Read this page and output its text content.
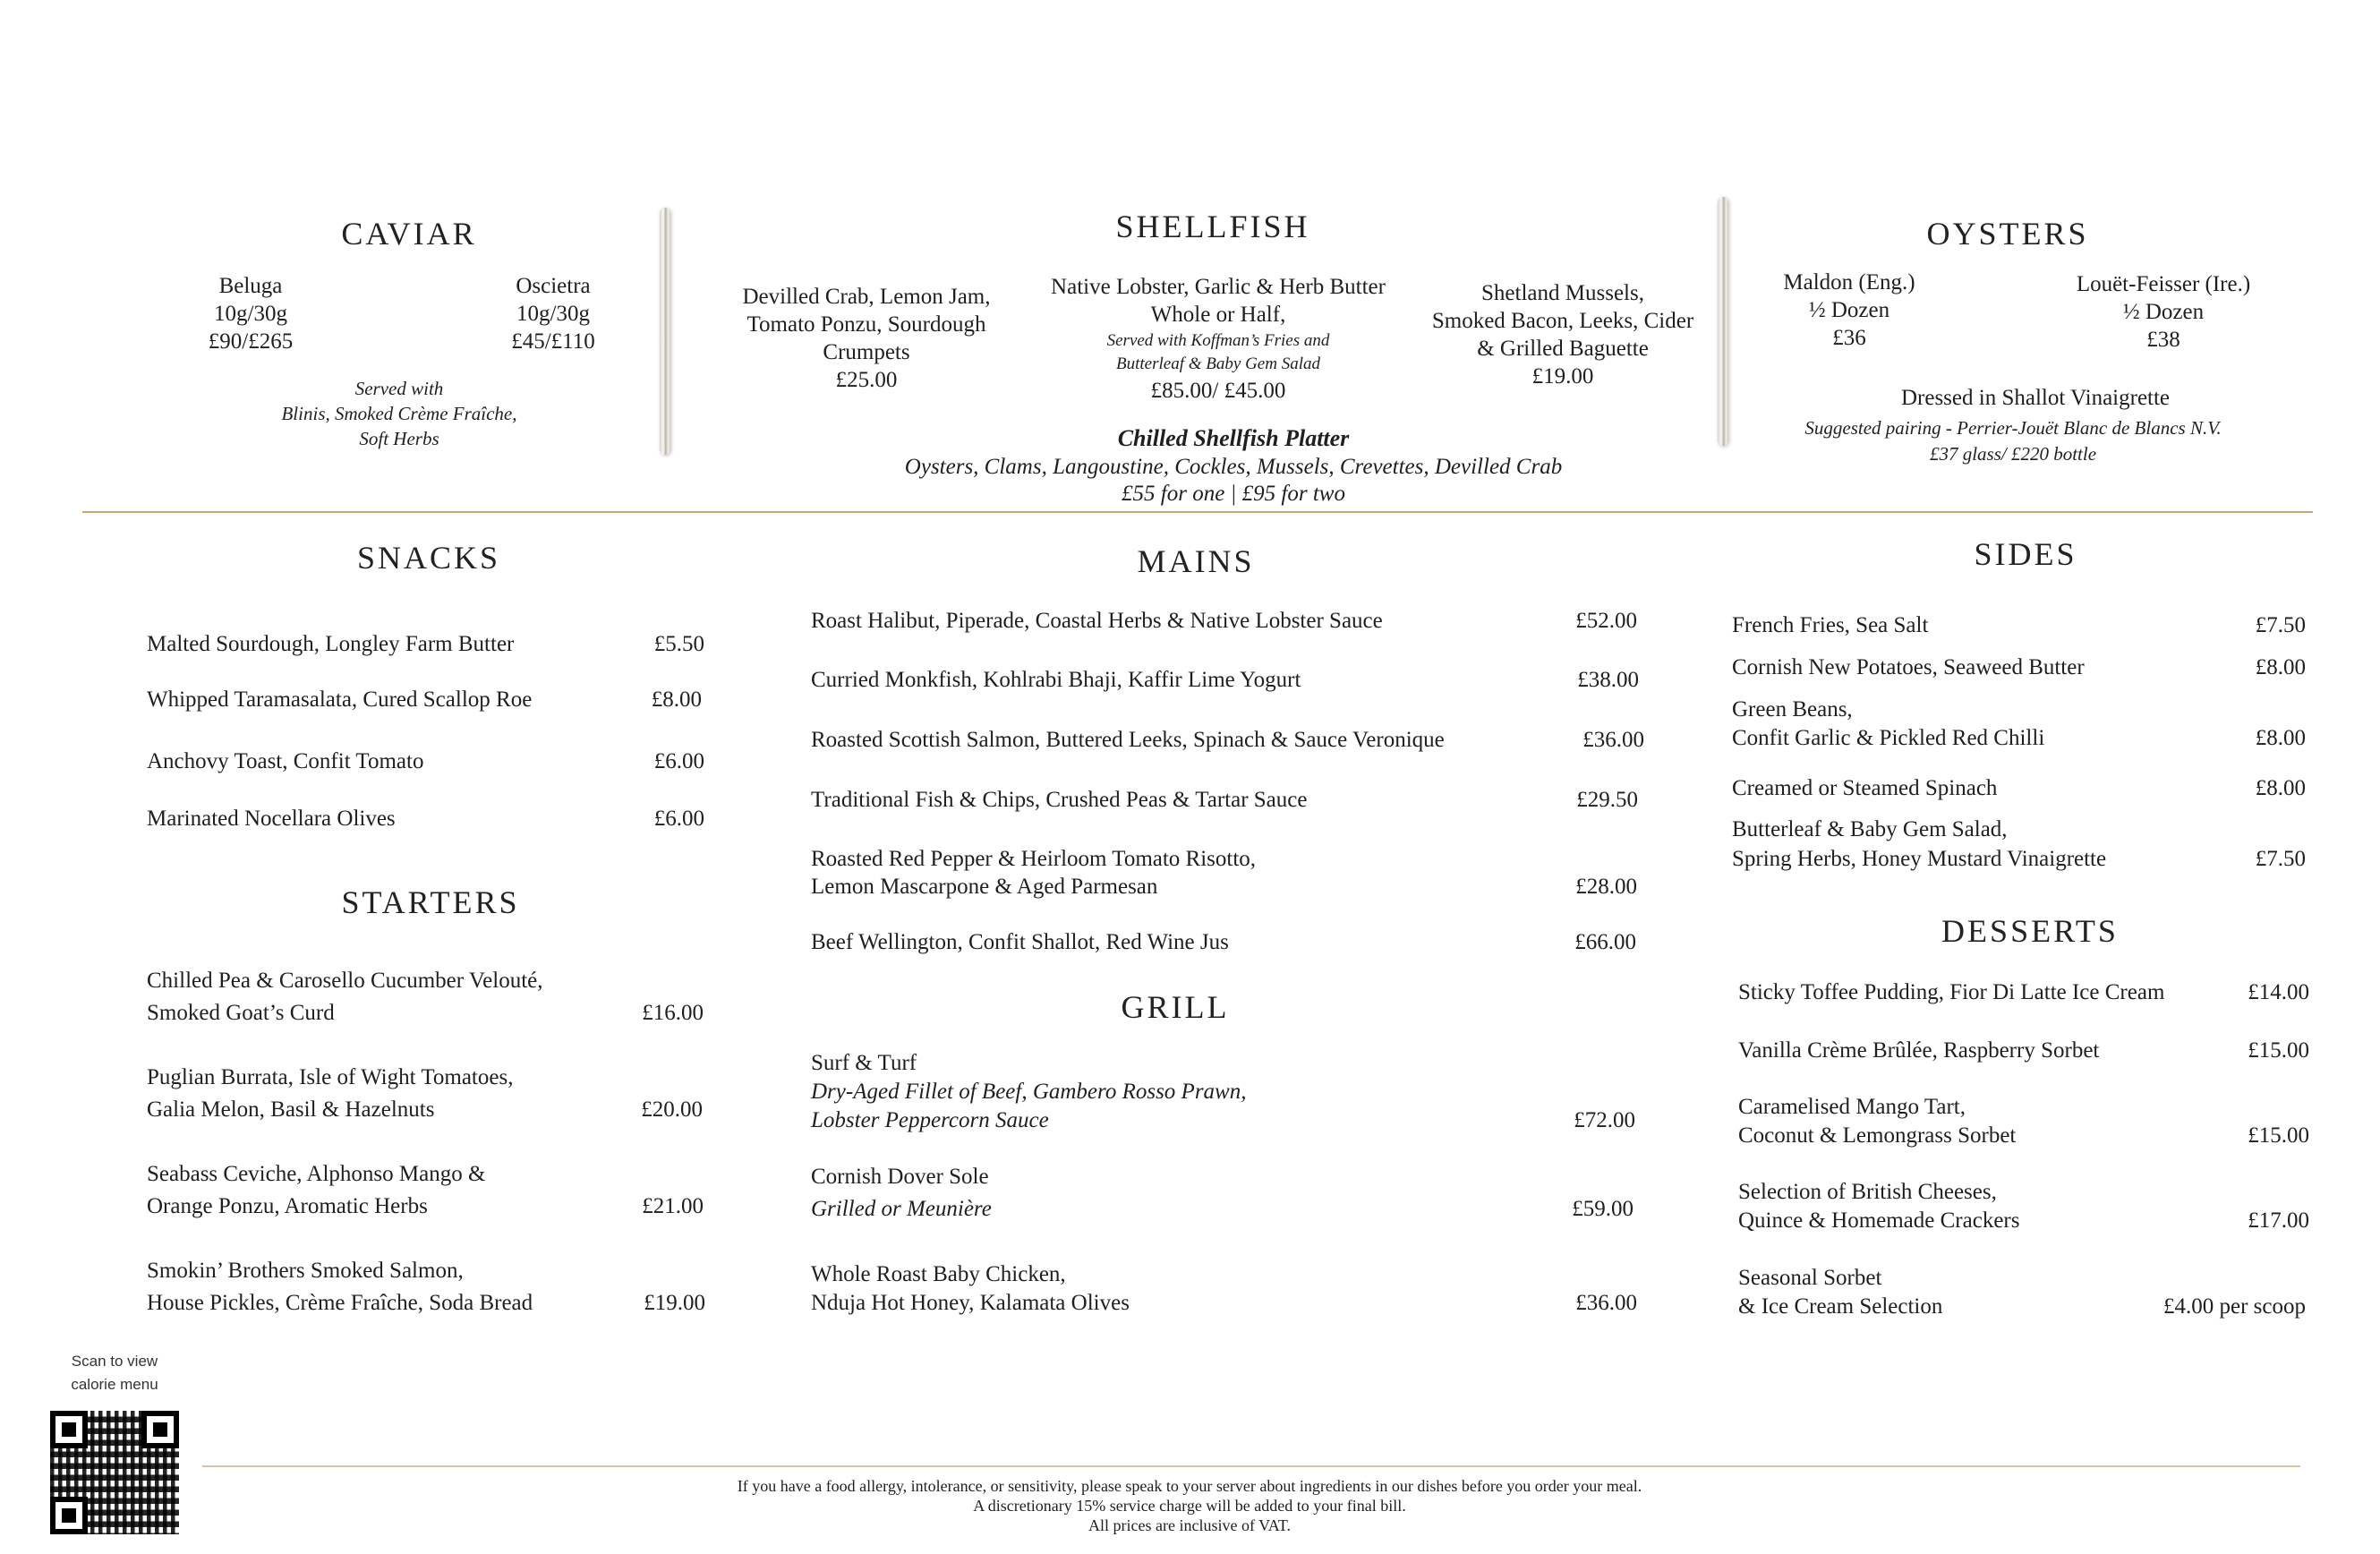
CAVIAR
Beluga
10g/30g
£90/£265
Oscietra
10g/30g
£45/£110
Served with
Blinis, Smoked Crème Fraîche,
Soft Herbs
SHELLFISH
Devilled Crab, Lemon Jam,
Tomato Ponzu, Sourdough
Crumpets
£25.00
Native Lobster, Garlic & Herb Butter
Whole or Half,
Served with Koffman’s Fries and
Butterleaf & Baby Gem Salad
£85.00/ £45.00
Shetland Mussels,
Smoked Bacon, Leeks, Cider
& Grilled Baguette
£19.00
Chilled Shellfish Platter
Oysters, Clams, Langoustine, Cockles, Mussels, Crevettes, Devilled Crab
£55 for one | £95 for two
OYSTERS
Maldon (Eng.)
½ Dozen
£36
Louët-Feisser (Ire.)
½ Dozen
£38
Dressed in Shallot Vinaigrette
Suggested pairing - Perrier-Jouët Blanc de Blancs N.V.
£37 glass/ £220 bottle
SNACKS
Malted Sourdough, Longley Farm Butter	£5.50
Whipped Taramasalata, Cured Scallop Roe	£8.00
Anchovy Toast, Confit Tomato	£6.00
Marinated Nocellara Olives	£6.00
STARTERS
Chilled Pea & Carosello Cucumber Velouté,
Smoked Goat’s Curd	£16.00
Puglian Burrata, Isle of Wight Tomatoes,
Galia Melon, Basil & Hazelnuts	£20.00
Seabass Ceviche, Alphonso Mango &
Orange Ponzu, Aromatic Herbs	£21.00
Smokin’ Brothers Smoked Salmon,
House Pickles, Crème Fraîche, Soda Bread	£19.00
MAINS
Roast Halibut, Piperade, Coastal Herbs & Native Lobster Sauce	£52.00
Curried Monkfish, Kohlrabi Bhaji, Kaffir Lime Yogurt	£38.00
Roasted Scottish Salmon, Buttered Leeks, Spinach & Sauce Veronique	£36.00
Traditional Fish & Chips, Crushed Peas & Tartar Sauce	£29.50
Roasted Red Pepper & Heirloom Tomato Risotto,
Lemon Mascarpone & Aged Parmesan	£28.00
Beef Wellington, Confit Shallot, Red Wine Jus	£66.00
GRILL
Surf & Turf
Dry-Aged Fillet of Beef, Gambero Rosso Prawn,
Lobster Peppercorn Sauce	£72.00
Cornish Dover Sole
Grilled or Meunière	£59.00
Whole Roast Baby Chicken,
Nduja Hot Honey, Kalamata Olives	£36.00
SIDES
French Fries, Sea Salt	£7.50
Cornish New Potatoes, Seaweed Butter	£8.00
Green Beans,
Confit Garlic & Pickled Red Chilli	£8.00
Creamed or Steamed Spinach	£8.00
Butterleaf & Baby Gem Salad,
Spring Herbs, Honey Mustard Vinaigrette	£7.50
DESSERTS
Sticky Toffee Pudding, Fior Di Latte Ice Cream	£14.00
Vanilla Crème Brûlée, Raspberry Sorbet	£15.00
Caramelised Mango Tart,
Coconut & Lemongrass Sorbet	£15.00
Selection of British Cheeses,
Quince & Homemade Crackers	£17.00
Seasonal Sorbet
& Ice Cream Selection	£4.00 per scoop
Scan to view
calorie menu
If you have a food allergy, intolerance, or sensitivity, please speak to your server about ingredients in our dishes before you order your meal.
A discretionary 15% service charge will be added to your final bill.
All prices are inclusive of VAT.
